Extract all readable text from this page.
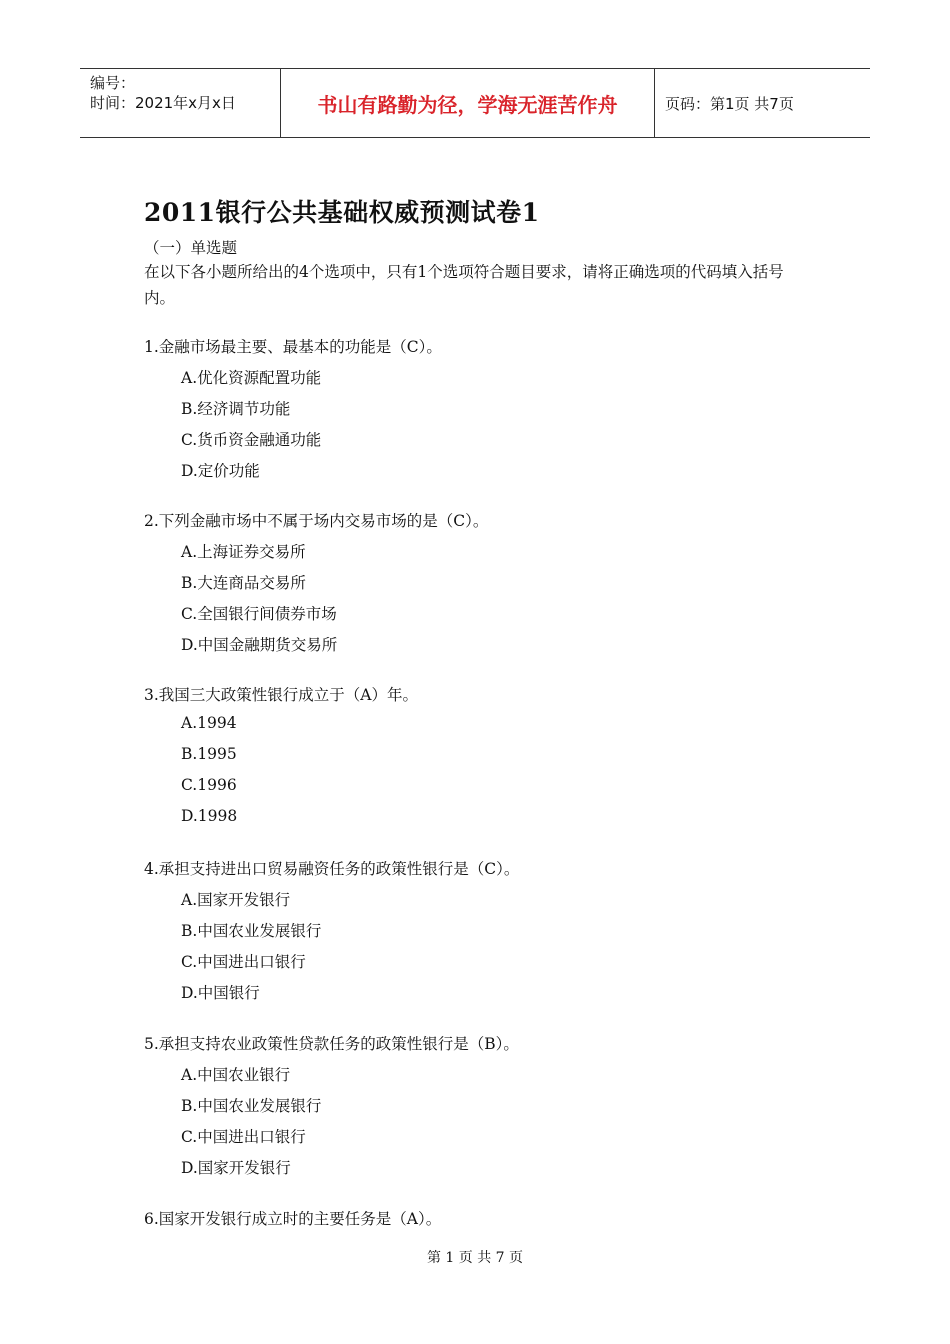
编号：
时间：2021年x月x日	书山有路勤为径，学海无涯苦作舟	页码：第1页 共7页
2011银行公共基础权威预测试卷1
（一）单选题
在以下各小题所给出的4个选项中，只有1个选项符合题目要求，请将正确选项的代码填入括号内。
1.金融市场最主要、最基本的功能是（C）。
A.优化资源配置功能
B.经济调节功能
C.货币资金融通功能
D.定价功能
2.下列金融市场中不属于场内交易市场的是（C）。
A.上海证券交易所
B.大连商品交易所
C.全国银行间债券市场
D.中国金融期货交易所
3.我国三大政策性银行成立于（A）年。
A.1994
B.1995
C.1996
D.1998
4.承担支持进出口贸易融资任务的政策性银行是（C）。
A.国家开发银行
B.中国农业发展银行
C.中国进出口银行
D.中国银行
5.承担支持农业政策性贷款任务的政策性银行是（B）。
A.中国农业银行
B.中国农业发展银行
C.中国进出口银行
D.国家开发银行
6.国家开发银行成立时的主要任务是（A）。
第 1 页 共 7 页
